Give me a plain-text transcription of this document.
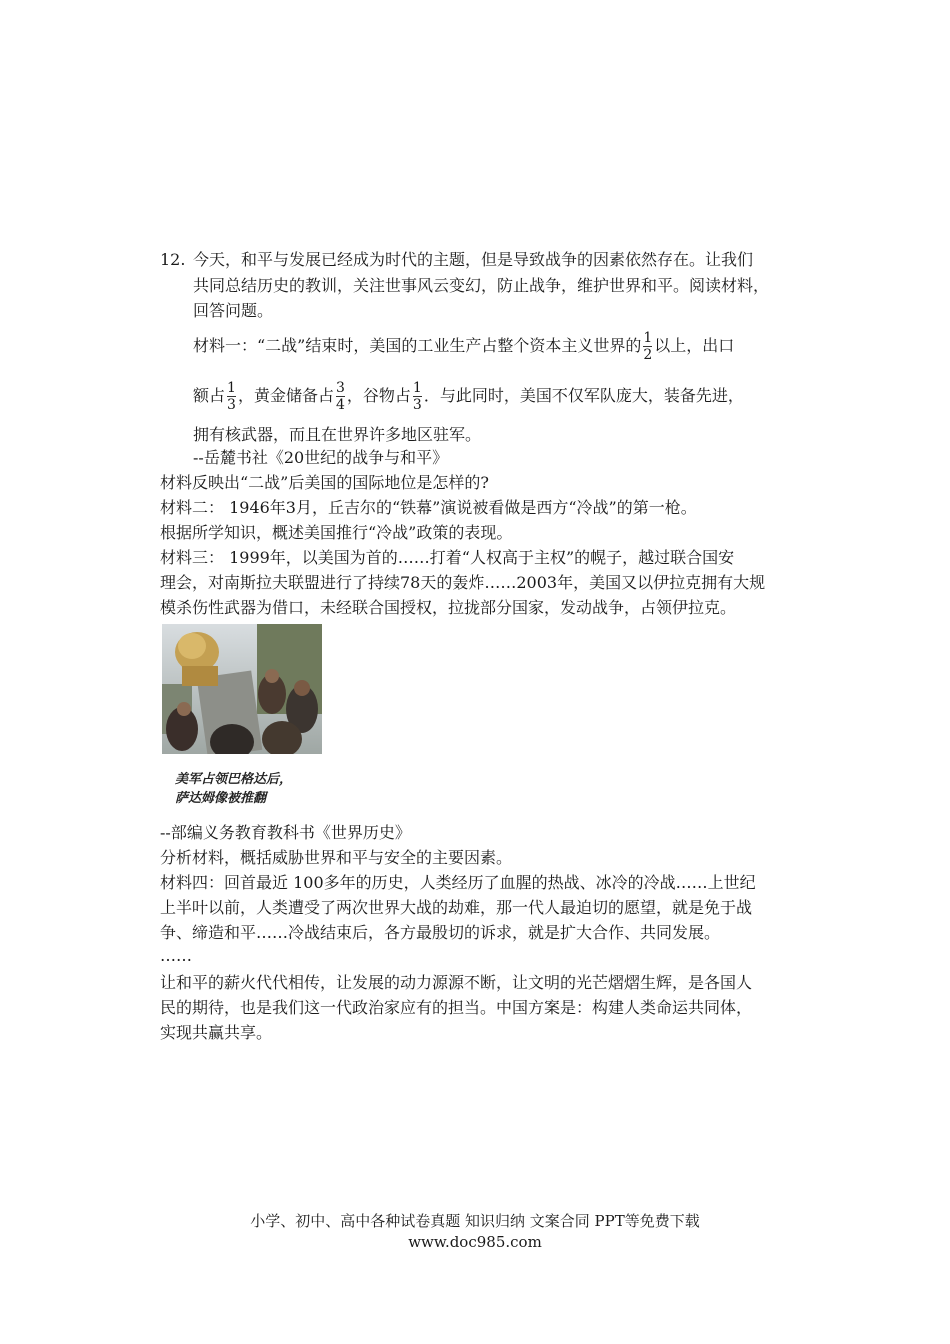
12. 今天，和平与发展已经成为时代的主题，但是导致战争的因素依然存在。让我们
共同总结历史的教训，关注世事风云变幻，防止战争，维护世界和平。阅读材料，
回答问题。
材料一：“二战”结束时，美国的工业生产占整个资本主义世界的 $\frac{1}{2}$ 以上，出口
额占 $\frac{1}{3}$ ，黄金储备占 $\frac{3}{4}$ ，谷物占 $\frac{1}{3}$ ．与此同时，美国不仅军队庞大，装备先进，
拥有核武器，而且在世界许多地区驻军。
--岳麓书社《20世纪的战争与和平》
材料反映出“二战”后美国的国际地位是怎样的?
材料二： 1946年3月，丘吉尔的“铁幕”演说被看做是西方“冷战”的第一枪。
根据所学知识，概述美国推行“冷战”政策的表现。
材料三： 1999年，以美国为首的……打着“人权高于主权”的幌子，越过联合国安
理会，对南斯拉夫联盟进行了持续78天的轰炸……2003年，美国又以伊拉克拥有大规
模杀伤性武器为借口，未经联合国授权，拉拢部分国家，发动战争，占领伊拉克。
美军占领巴格达后，
萨达姆像被推翻
--部编义务教育教科书《世界历史》
分析材料，概括威胁世界和平与安全的主要因素。
材料四：回首最近 100多年的历史，人类经历了血腥的热战、冰冷的冷战……上世纪
上半叶以前，人类遭受了两次世界大战的劫难，那一代人最迫切的愿望，就是免于战
争、缔造和平……冷战结束后，各方最殷切的诉求，就是扩大合作、共同发展。
……
让和平的薪火代代相传，让发展的动力源源不断，让文明的光芒熠熠生辉，是各国人
民的期待，也是我们这一代政治家应有的担当。中国方案是：构建人类命运共同体，
实现共赢共享。
小学、初中、高中各种试卷真题 知识归纳 文案合同 PPT等免费下载
www.doc985.com
